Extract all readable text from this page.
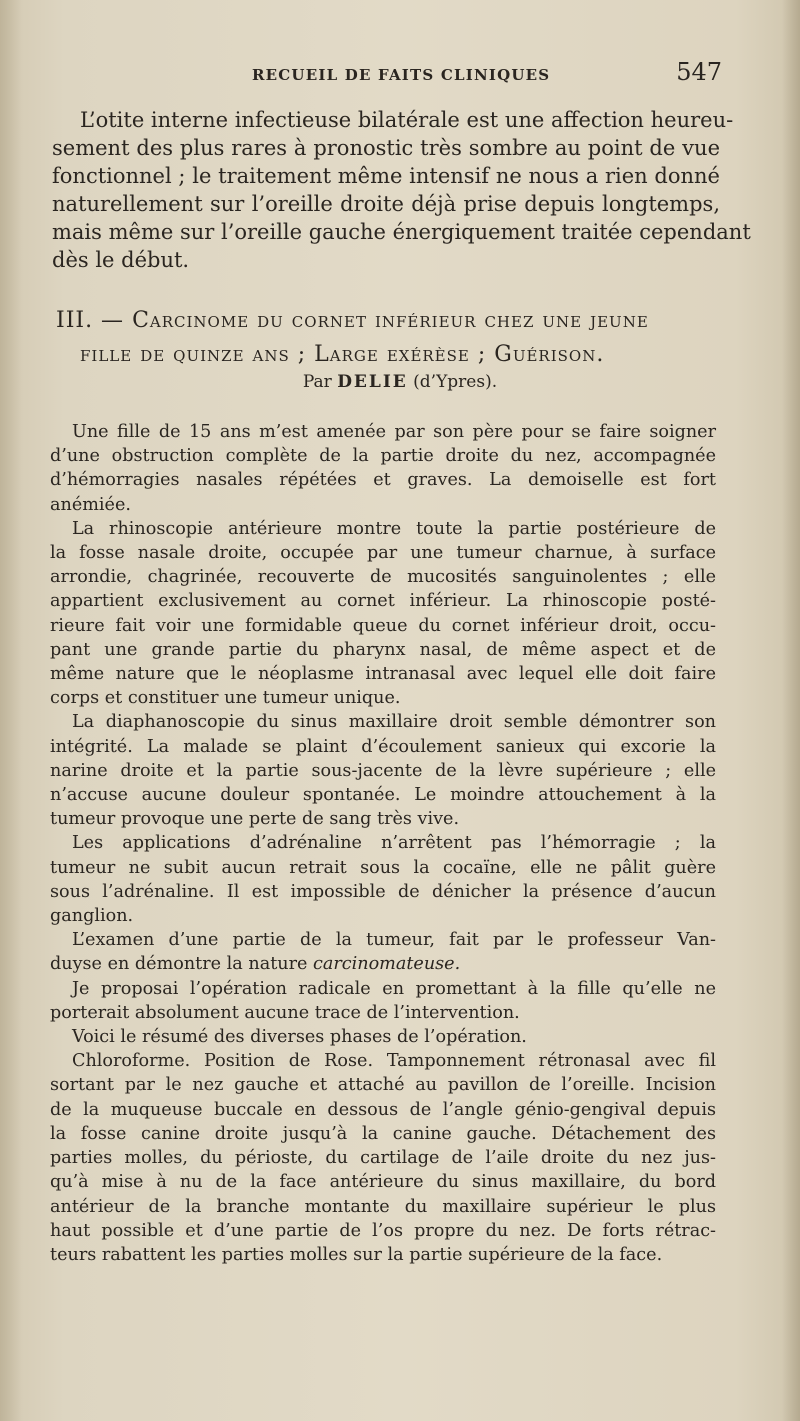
RECUEIL DE FAITS CLINIQUES	547
L’otite interne infectieuse bilatérale est une affection heureu-
sement des plus rares à pronostic très sombre au point de vue
fonctionnel ; le traitement même intensif ne nous a rien donné
naturellement sur l’oreille droite déjà prise depuis longtemps,
mais même sur l’oreille gauche énergiquement traitée cependant
dès le début.
III. — Carcinome du cornet inférieur chez une jeune
fille de quinze ans ; Large exérèse ; Guérison.
Par DELIE (d’Ypres).
Une fille de 15 ans m’est amenée par son père pour se faire soigner
d’une obstruction complète de la partie droite du nez, accompagnée
d’hémorragies nasales répétées et graves. La demoiselle est fort
anémiée.
La rhinoscopie antérieure montre toute la partie postérieure de
la fosse nasale droite, occupée par une tumeur charnue, à surface
arrondie, chagrinée, recouverte de mucosités sanguinolentes ; elle
appartient exclusivement au cornet inférieur. La rhinoscopie posté-
rieure fait voir une formidable queue du cornet inférieur droit, occu-
pant une grande partie du pharynx nasal, de même aspect et de
même nature que le néoplasme intranasal avec lequel elle doit faire
corps et constituer une tumeur unique.
La diaphanoscopie du sinus maxillaire droit semble démontrer son
intégrité. La malade se plaint d’écoulement sanieux qui excorie la
narine droite et la partie sous-jacente de la lèvre supérieure ; elle
n’accuse aucune douleur spontanée. Le moindre attouchement à la
tumeur provoque une perte de sang très vive.
Les applications d’adrénaline n’arrêtent pas l’hémorragie ; la
tumeur ne subit aucun retrait sous la cocaïne, elle ne pâlit guère
sous l’adrénaline. Il est impossible de dénicher la présence d’aucun
ganglion.
L’examen d’une partie de la tumeur, fait par le professeur Van-
duyse en démontre la nature carcinomateuse.
Je proposai l’opération radicale en promettant à la fille qu’elle ne
porterait absolument aucune trace de l’intervention.
Voici le résumé des diverses phases de l’opération.
Chloroforme. Position de Rose. Tamponnement rétronasal avec fil
sortant par le nez gauche et attaché au pavillon de l’oreille. Incision
de la muqueuse buccale en dessous de l’angle génio-gengival depuis
la fosse canine droite jusqu’à la canine gauche. Détachement des
parties molles, du périoste, du cartilage de l’aile droite du nez jus-
qu’à mise à nu de la face antérieure du sinus maxillaire, du bord
antérieur de la branche montante du maxillaire supérieur le plus
haut possible et d’une partie de l’os propre du nez. De forts rétrac-
teurs rabattent les parties molles sur la partie supérieure de la face.
